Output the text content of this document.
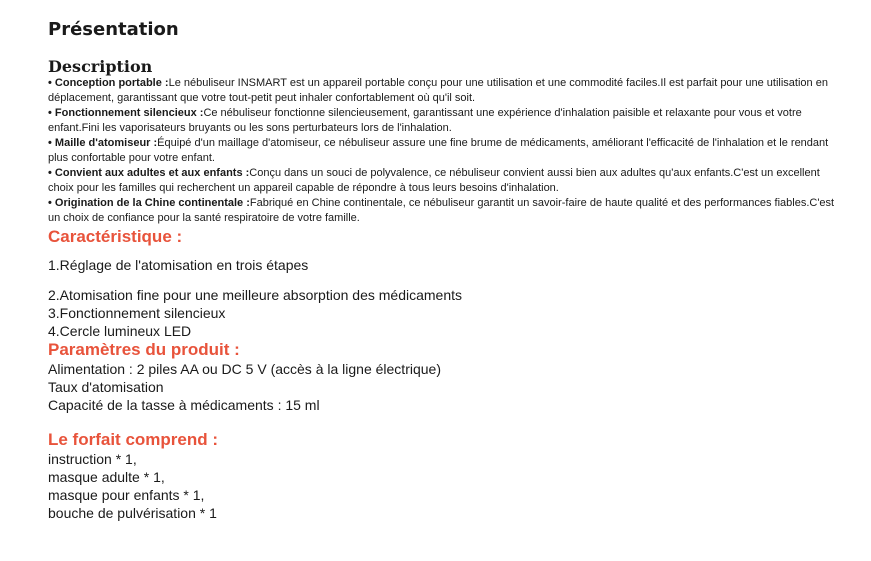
Présentation
Description

• Conception portable :Le nébuliseur INSMART est un appareil portable conçu pour une utilisation et une commodité faciles.Il est parfait pour une utilisation en déplacement, garantissant que votre tout-petit peut inhaler confortablement où qu'il soit.

• Fonctionnement silencieux :Ce nébuliseur fonctionne silencieusement, garantissant une expérience d'inhalation paisible et relaxante pour vous et votre enfant.Fini les vaporisateurs bruyants ou les sons perturbateurs lors de l'inhalation.

• Maille d'atomiseur :Équipé d'un maillage d'atomiseur, ce nébuliseur assure une fine brume de médicaments, améliorant l'efficacité de l'inhalation et le rendant plus confortable pour votre enfant.

• Convient aux adultes et aux enfants :Conçu dans un souci de polyvalence, ce nébuliseur convient aussi bien aux adultes qu'aux enfants.C'est un excellent choix pour les familles qui recherchent un appareil capable de répondre à tous leurs besoins d'inhalation.

• Origination de la Chine continentale :Fabriqué en Chine continentale, ce nébuliseur garantit un savoir-faire de haute qualité et des performances fiables.C'est un choix de confiance pour la santé respiratoire de votre famille.

Caractéristique :

1.Réglage de l'atomisation en trois étapes

2.Atomisation fine pour une meilleure absorption des médicaments

3.Fonctionnement silencieux

4.Cercle lumineux LED

Paramètres du produit :

Alimentation : 2 piles AA ou DC 5 V (accès à la ligne électrique)

Taux d'atomisation

Capacité de la tasse à médicaments : 15 ml

Le forfait comprend :

instruction * 1,

masque adulte * 1,

masque pour enfants * 1,

bouche de pulvérisation * 1
